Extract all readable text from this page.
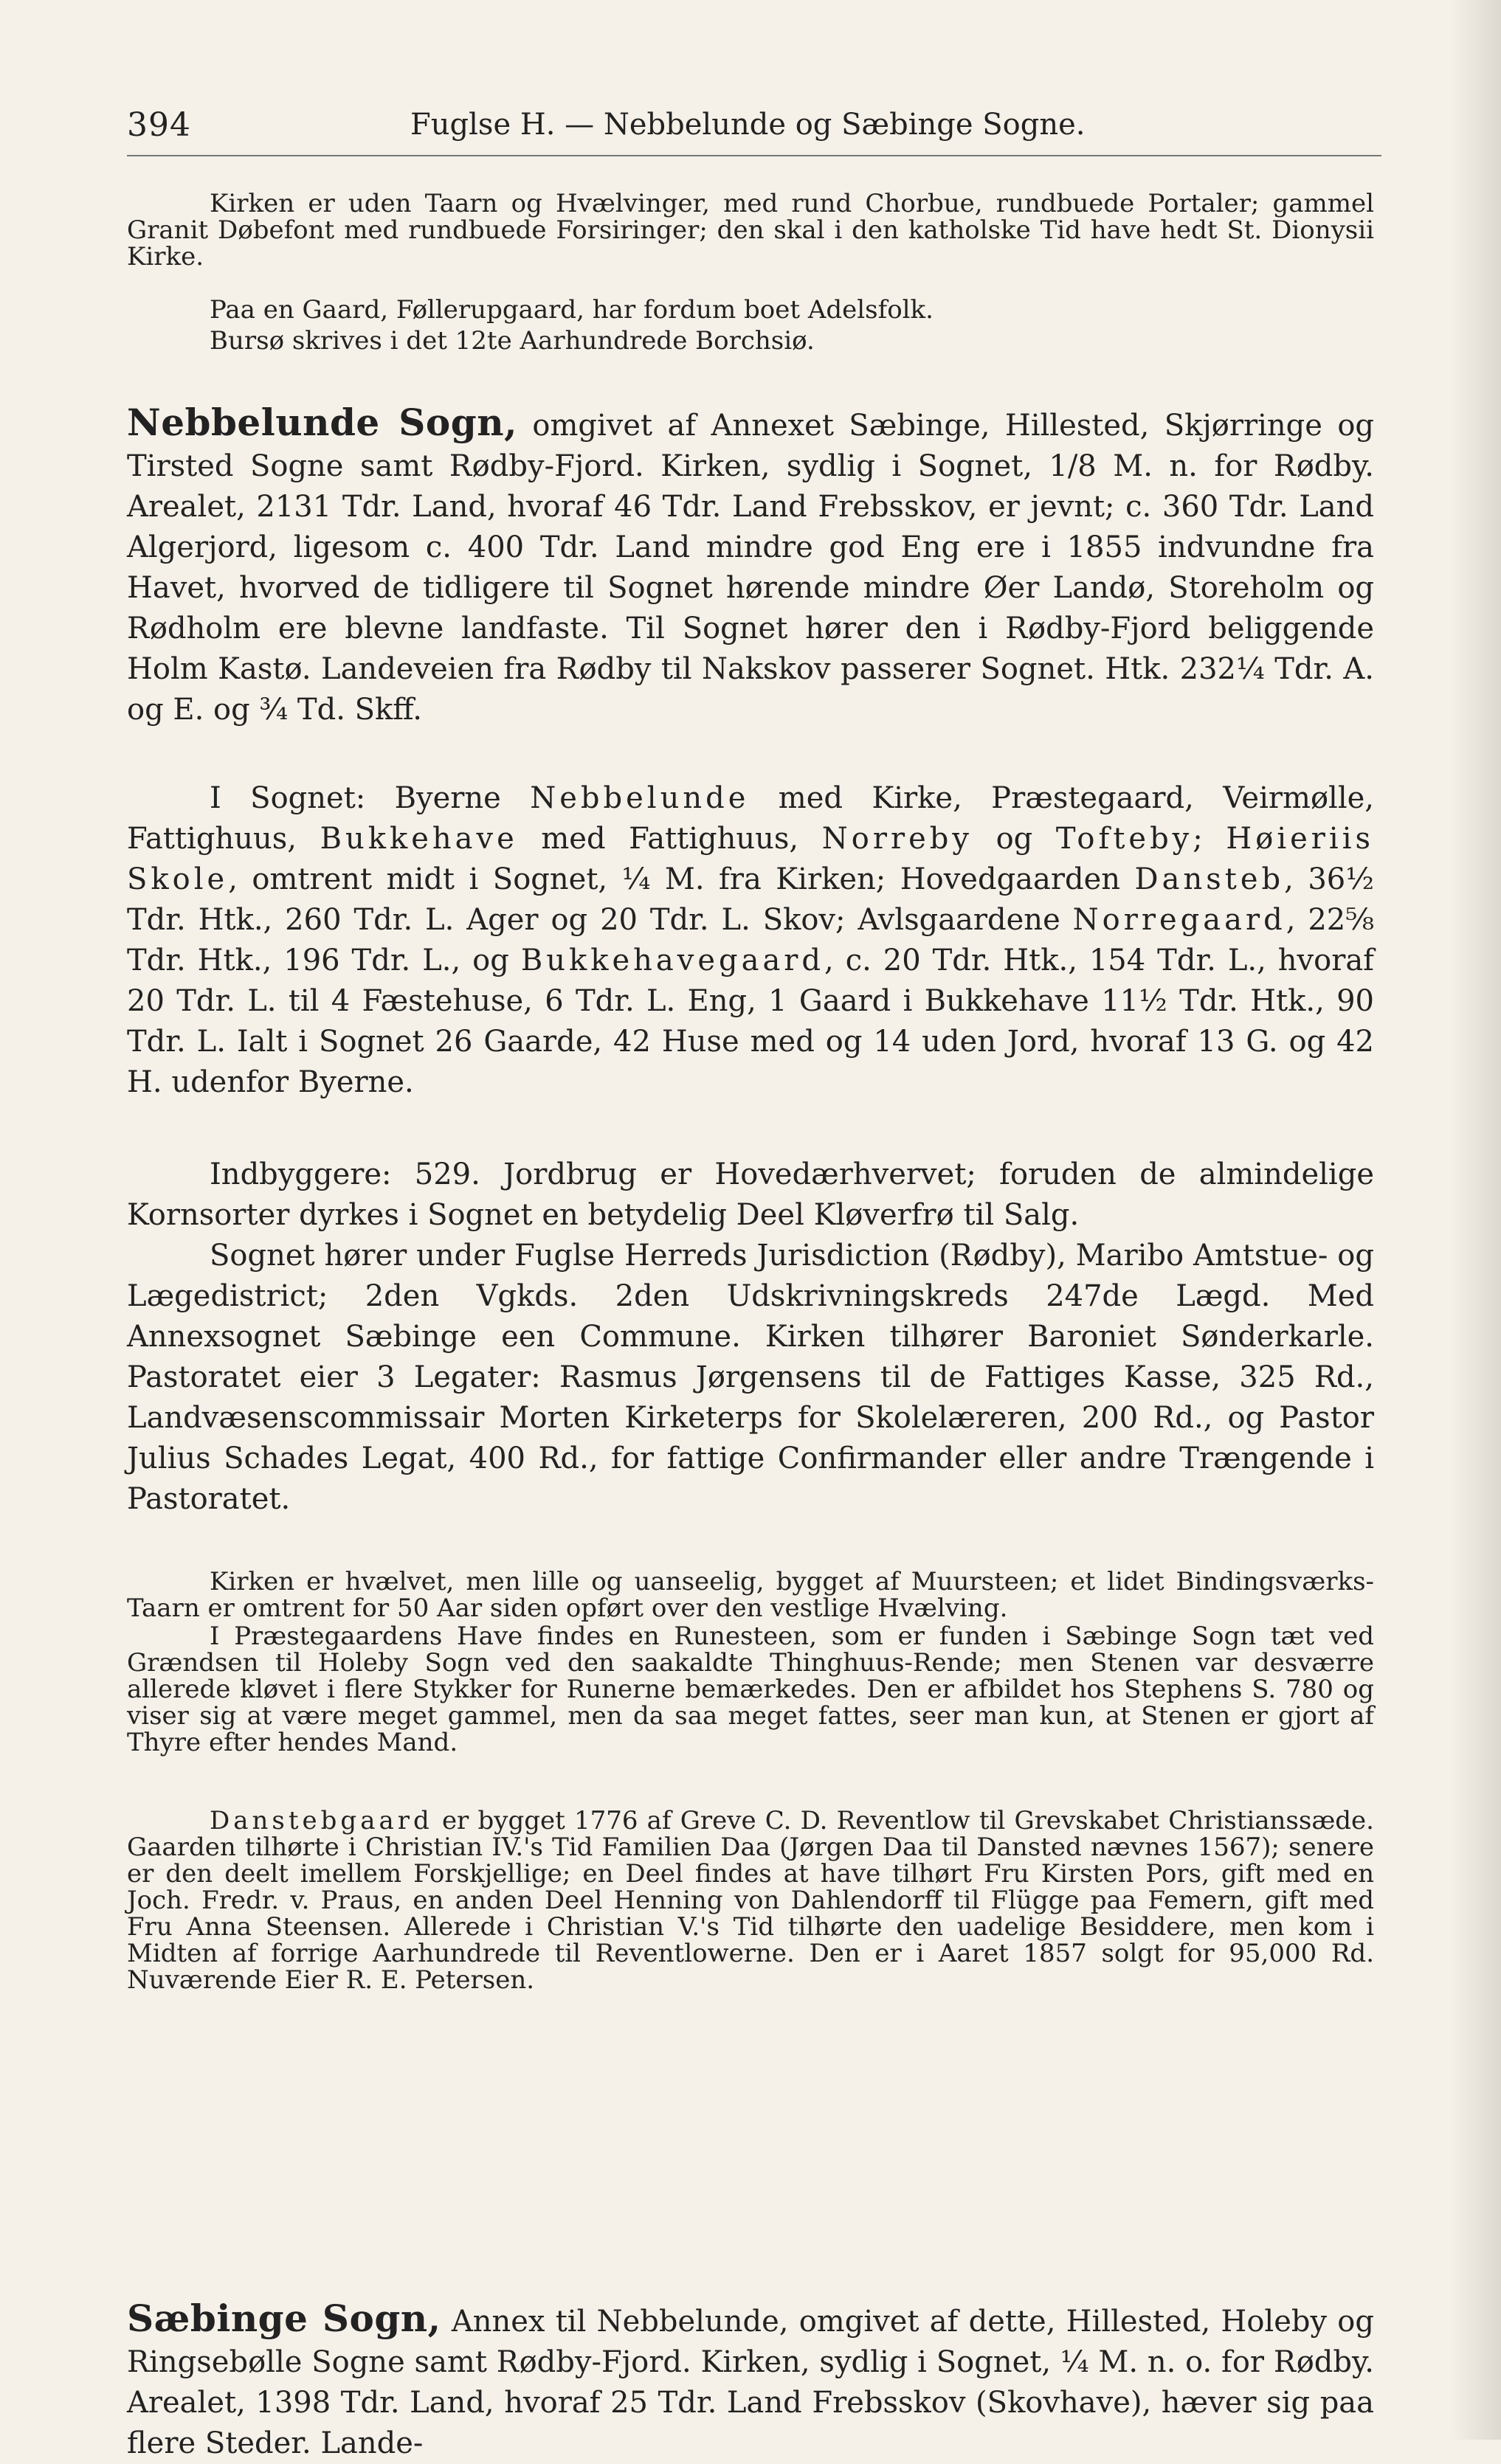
394	Fuglse H. — Nebbelunde og Sæbinge Sogne.

Kirken er uden Taarn og Hvælvinger, med rund Chorbue, rundbuede Portaler; gammel Granit Døbefont med rundbuede Forsiringer; den skal i den katholske Tid have hedt St. Dionysii Kirke.

Paa en Gaard, Føllerupgaard, har fordum boet Adelsfolk.

Bursø skrives i det 12te Aarhundrede Borchsiø.

Nebbelunde Sogn, omgivet af Annexet Sæbinge, Hillested, Skjørringe og Tirsted Sogne samt Rødby-Fjord. Kirken, sydlig i Sognet, 1/8 M. n. for Rødby. Arealet, 2131 Tdr. Land, hvoraf 46 Tdr. Land Frebsskov, er jevnt; c. 360 Tdr. Land Algerjord, ligesom c. 400 Tdr. Land mindre god Eng ere i 1855 indvundne fra Havet, hvorved de tidligere til Sognet hørende mindre Øer Landø, Storeholm og Rødholm ere blevne landfaste. Til Sognet hører den i Rødby-Fjord beliggende Holm Kastø. Landeveien fra Rødby til Nakskov passerer Sognet. Htk. 232¼ Tdr. A. og E. og ¾ Td. Skff.

I Sognet: Byerne Nebbelunde med Kirke, Præstegaard, Veirmølle, Fattighuus, Bukkehave med Fattighuus, Norreby og Tofteby; Høieriis Skole, omtrent midt i Sognet, ¼ M. fra Kirken; Hovedgaarden Dansteb, 36½ Tdr. Htk., 260 Tdr. L. Ager og 20 Tdr. L. Skov; Avlsgaardene Norregaard, 22⅝ Tdr. Htk., 196 Tdr. L., og Bukkehavegaard, c. 20 Tdr. Htk., 154 Tdr. L., hvoraf 20 Tdr. L. til 4 Fæstehuse, 6 Tdr. L. Eng, 1 Gaard i Bukkehave 11½ Tdr. Htk., 90 Tdr. L. Ialt i Sognet 26 Gaarde, 42 Huse med og 14 uden Jord, hvoraf 13 G. og 42 H. udenfor Byerne.

Indbyggere: 529. Jordbrug er Hovedærhvervet; foruden de almindelige Kornsorter dyrkes i Sognet en betydelig Deel Kløverfrø til Salg.

Sognet hører under Fuglse Herreds Jurisdiction (Rødby), Maribo Amtstue- og Lægedistrict; 2den Vgkds. 2den Udskrivningskreds 247de Lægd. Med Annexsognet Sæbinge een Commune. Kirken tilhører Baroniet Sønderkarle. Pastoratet eier 3 Legater: Rasmus Jørgensens til de Fattiges Kasse, 325 Rd., Landvæsenscommissair Morten Kirketerps for Skolelæreren, 200 Rd., og Pastor Julius Schades Legat, 400 Rd., for fattige Confirmander eller andre Trængende i Pastoratet.

Kirken er hvælvet, men lille og uanseelig, bygget af Muursteen; et lidet Bindingsværks-Taarn er omtrent for 50 Aar siden opført over den vestlige Hvælving.

I Præstegaardens Have findes en Runesteen, som er funden i Sæbinge Sogn tæt ved Grændsen til Holeby Sogn ved den saakaldte Thinghuus-Rende; men Stenen var desværre allerede kløvet i flere Stykker for Runerne bemærkedes. Den er afbildet hos Stephens S. 780 og viser sig at være meget gammel, men da saa meget fattes, seer man kun, at Stenen er gjort af Thyre efter hendes Mand.

Danstebgaard er bygget 1776 af Greve C. D. Reventlow til Grevskabet Christianssæde. Gaarden tilhørte i Christian IV.'s Tid Familien Daa (Jørgen Daa til Dansted nævnes 1567); senere er den deelt imellem Forskjellige; en Deel findes at have tilhørt Fru Kirsten Pors, gift med en Joch. Fredr. v. Praus, en anden Deel Henning von Dahlendorff til Flügge paa Femern, gift med Fru Anna Steensen. Allerede i Christian V.'s Tid tilhørte den uadelige Besiddere, men kom i Midten af forrige Aarhundrede til Reventlowerne. Den er i Aaret 1857 solgt for 95,000 Rd. Nuværende Eier R. E. Petersen.

Sæbinge Sogn, Annex til Nebbelunde, omgivet af dette, Hillested, Holeby og Ringsebølle Sogne samt Rødby-Fjord. Kirken, sydlig i Sognet, ¼ M. n. o. for Rødby. Arealet, 1398 Tdr. Land, hvoraf 25 Tdr. Land Frebsskov (Skovhave), hæver sig paa flere Steder. Lande-
